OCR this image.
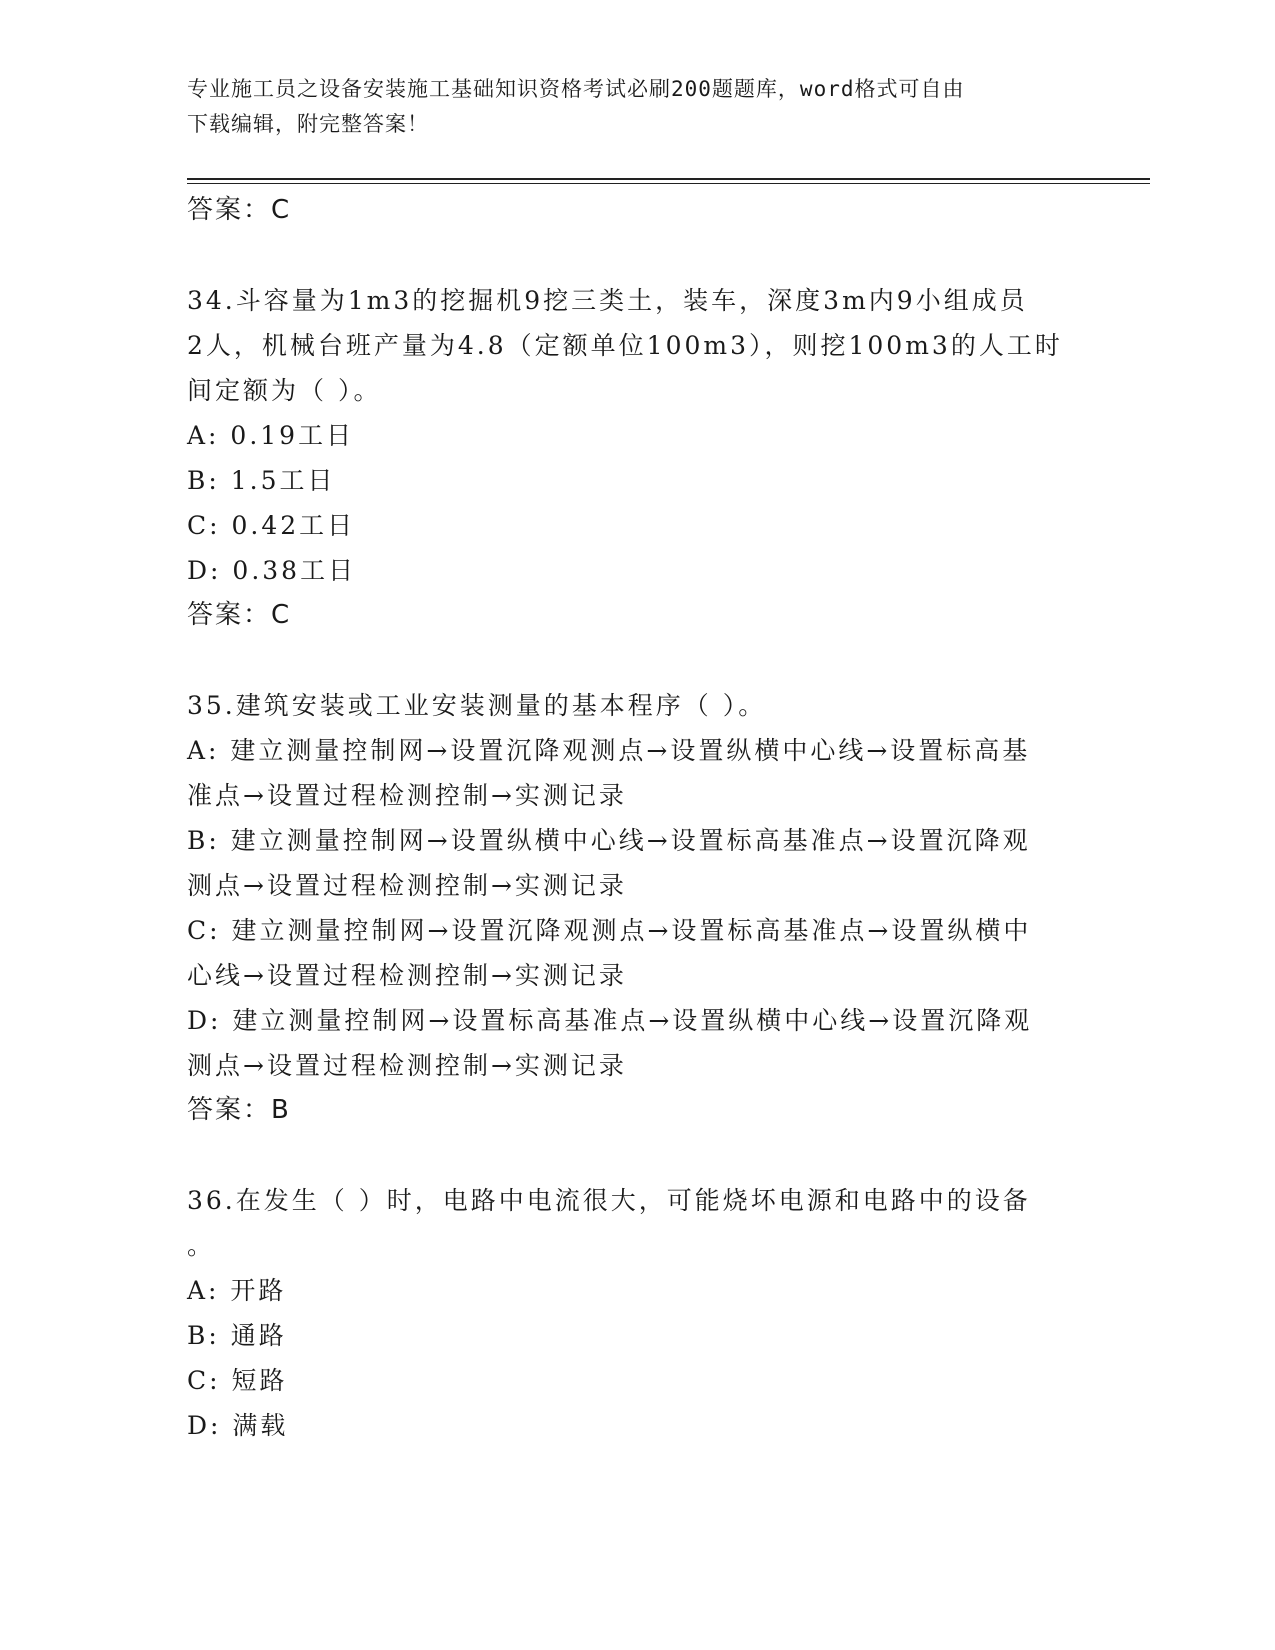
专业施工员之设备安装施工基础知识资格考试必刷200题题库，word格式可自由
下载编辑，附完整答案！
答案：C
34.斗容量为1m3的挖掘机9挖三类土，装车，深度3m内9小组成员
2人，机械台班产量为4.8（定额单位100m3），则挖100m3的人工时
间定额为（ ）。
A: 0.19工日
B: 1.5工日
C: 0.42工日
D: 0.38工日
答案：C
35.建筑安装或工业安装测量的基本程序（ ）。
A: 建立测量控制网→设置沉降观测点→设置纵横中心线→设置标高基
准点→设置过程检测控制→实测记录
B: 建立测量控制网→设置纵横中心线→设置标高基准点→设置沉降观
测点→设置过程检测控制→实测记录
C: 建立测量控制网→设置沉降观测点→设置标高基准点→设置纵横中
心线→设置过程检测控制→实测记录
D: 建立测量控制网→设置标高基准点→设置纵横中心线→设置沉降观
测点→设置过程检测控制→实测记录
答案：B
36.在发生（ ）时，电路中电流很大，可能烧坏电源和电路中的设备
。
A: 开路
B: 通路
C: 短路
D: 满载
